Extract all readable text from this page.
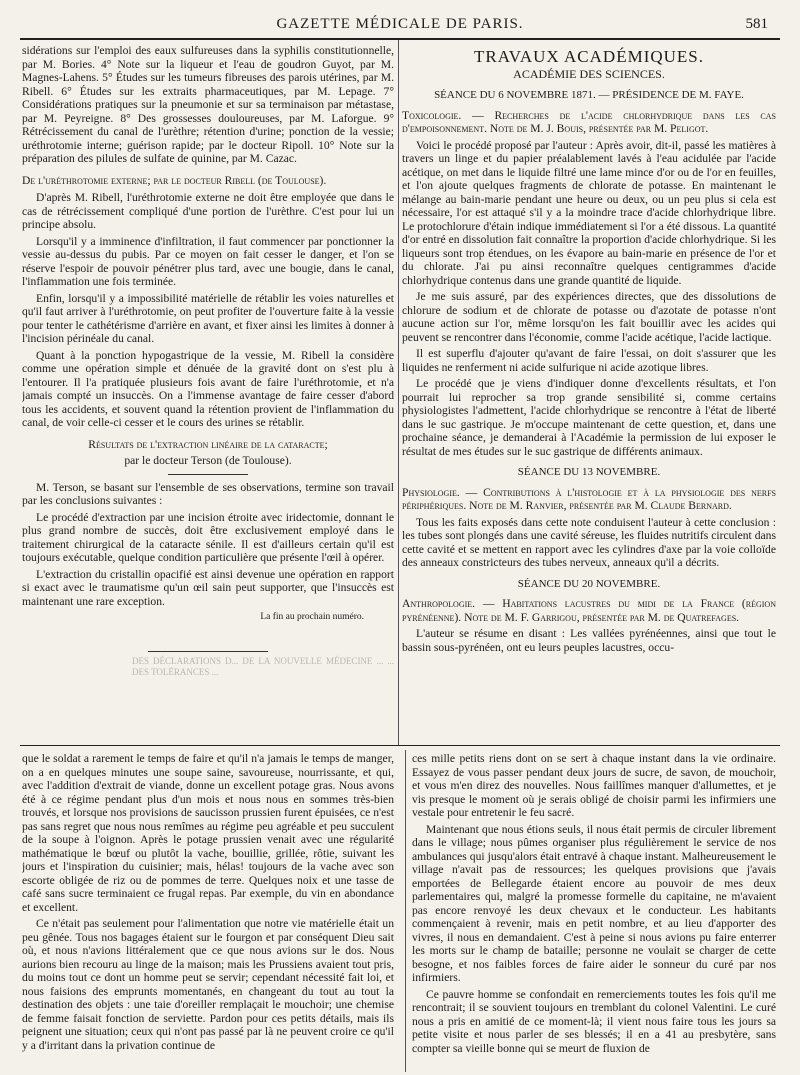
GAZETTE MÉDICALE DE PARIS.	581

sidérations sur l'emploi des eaux sulfureuses dans la syphilis constitutionnelle, par M. Bories. 4° Note sur la liqueur et l'eau de goudron Guyot, par M. Magnes-Lahens. 5° Études sur les tumeurs fibreuses des parois utérines, par M. Ribell. 6° Études sur les extraits pharmaceutiques, par M. Lepage. 7° Considérations pratiques sur la pneumonie et sur sa terminaison par métastase, par M. Peyreigne. 8° Des grossesses douloureuses, par M. Laforgue. 9° Rétrécissement du canal de l'urèthre; rétention d'urine; ponction de la vessie; uréthrotomie interne; guérison rapide; par le docteur Ripoll. 10° Note sur la préparation des pilules de sulfate de quinine, par M. Cazac.

De l'uréthrotomie externe; par le docteur Ribell (de Toulouse).

D'après M. Ribell, l'uréthrotomie externe ne doit être employée que dans le cas de rétrécissement compliqué d'une portion de l'urèthre. C'est pour lui un principe absolu.

Lorsqu'il y a imminence d'infiltration, il faut commencer par ponctionner la vessie au-dessus du pubis. Par ce moyen on fait cesser le danger, et l'on se réserve l'espoir de pouvoir pénétrer plus tard, avec une bougie, dans le canal, l'inflammation une fois terminée.

Enfin, lorsqu'il y a impossibilité matérielle de rétablir les voies naturelles et qu'il faut arriver à l'uréthrotomie, on peut profiter de l'ouverture faite à la vessie pour tenter le cathétérisme d'arrière en avant, et fixer ainsi les limites à donner à l'incision périnéale du canal.

Quant à la ponction hypogastrique de la vessie, M. Ribell la considère comme une opération simple et dénuée de la gravité dont on s'est plu à l'entourer. Il l'a pratiquée plusieurs fois avant de faire l'uréthrotomie, et n'a jamais compté un insuccès. On a l'immense avantage de faire cesser d'abord tous les accidents, et souvent quand la rétention provient de l'inflammation du canal, de voir celle-ci cesser et le cours des urines se rétablir.

Résultats de l'extraction linéaire de la cataracte;

par le docteur Terson (de Toulouse).

M. Terson, se basant sur l'ensemble de ses observations, termine son travail par les conclusions suivantes :

Le procédé d'extraction par une incision étroite avec iridectomie, donnant le plus grand nombre de succès, doit être exclusivement employé dans le traitement chirurgical de la cataracte sénile. Il est d'ailleurs certain qu'il est toujours exécutable, quelque condition particulière que présente l'œil à opérer.

L'extraction du cristallin opacifié est ainsi devenue une opération en rapport si exact avec le traumatisme qu'un œil sain peut supporter, que l'insuccès est maintenant une rare exception.

La fin au prochain numéro.

DES DÉCLARATIONS D... DE LA NOUVELLE MÉDECINE ... ... DES TOLÉRANCES ...

TRAVAUX ACADÉMIQUES.
ACADÉMIE DES SCIENCES.
SÉANCE DU 6 NOVEMBRE 1871. — PRÉSIDENCE DE M. FAYE.

Toxicologie. — Recherches de l'acide chlorhydrique dans les cas d'empoisonnement. Note de M. J. Bouis, présentée par M. Peligot.

Voici le procédé proposé par l'auteur : Après avoir, dit-il, passé les matières à travers un linge et du papier préalablement lavés à l'eau acidulée par l'acide acétique, on met dans le liquide filtré une lame mince d'or ou de l'or en feuilles, et l'on ajoute quelques fragments de chlorate de potasse. En maintenant le mélange au bain-marie pendant une heure ou deux, ou un peu plus si cela est nécessaire, l'or est attaqué s'il y a la moindre trace d'acide chlorhydrique libre. Le protochlorure d'étain indique immédiatement si l'or a été dissous. La quantité d'or entré en dissolution fait connaître la proportion d'acide chlorhydrique. Si les liqueurs sont trop étendues, on les évapore au bain-marie en présence de l'or et du chlorate. J'ai pu ainsi reconnaître quelques centigrammes d'acide chlorhydrique contenus dans une grande quantité de liquide.

Je me suis assuré, par des expériences directes, que des dissolutions de chlorure de sodium et de chlorate de potasse ou d'azotate de potasse n'ont aucune action sur l'or, même lorsqu'on les fait bouillir avec les acides qui peuvent se rencontrer dans l'économie, comme l'acide acétique, l'acide lactique.

Il est superflu d'ajouter qu'avant de faire l'essai, on doit s'assurer que les liquides ne renferment ni acide sulfurique ni acide azotique libres.

Le procédé que je viens d'indiquer donne d'excellents résultats, et l'on pourrait lui reprocher sa trop grande sensibilité si, comme certains physiologistes l'admettent, l'acide chlorhydrique se rencontre à l'état de liberté dans le suc gastrique. Je m'occupe maintenant de cette question, et, dans une prochaine séance, je demanderai à l'Académie la permission de lui exposer le résultat de mes études sur le suc gastrique de différents animaux.

SÉANCE DU 13 NOVEMBRE.

Physiologie. — Contributions à l'histologie et à la physiologie des nerfs périphériques. Note de M. Ranvier, présentée par M. Claude Bernard.

Tous les faits exposés dans cette note conduisent l'auteur à cette conclusion : les tubes sont plongés dans une cavité séreuse, les fluides nutritifs circulent dans cette cavité et se mettent en rapport avec les cylindres d'axe par la voie colloïde des anneaux constricteurs des tubes nerveux, anneaux qu'il a décrits.

SÉANCE DU 20 NOVEMBRE.

Anthropologie. — Habitations lacustres du midi de la France (région pyrénéenne). Note de M. F. Garrigou, présentée par M. de Quatrefages.

L'auteur se résume en disant : Les vallées pyrénéennes, ainsi que tout le bassin sous-pyrénéen, ont eu leurs peuples lacustres, occu-

que le soldat a rarement le temps de faire et qu'il n'a jamais le temps de manger, on a en quelques minutes une soupe saine, savoureuse, nourrissante, et qui, avec l'addition d'extrait de viande, donne un excellent potage gras. Nous avons été à ce régime pendant plus d'un mois et nous nous en sommes très-bien trouvés, et lorsque nos provisions de saucisson prussien furent épuisées, ce n'est pas sans regret que nous nous remîmes au régime peu agréable et peu succulent de la soupe à l'oignon. Après le potage prussien venait avec une régularité mathématique le bœuf ou plutôt la vache, bouillie, grillée, rôtie, suivant les jours et l'inspiration du cuisinier; mais, hélas! toujours de la vache avec son escorte obligée de riz ou de pommes de terre. Quelques noix et une tasse de café sans sucre terminaient ce frugal repas. Par exemple, du vin en abondance et excellent.

Ce n'était pas seulement pour l'alimentation que notre vie matérielle était un peu gênée. Tous nos bagages étaient sur le fourgon et par conséquent Dieu sait où, et nous n'avions littéralement que ce que nous avions sur le dos. Nous aurions bien recouru au linge de la maison; mais les Prussiens avaient tout pris, du moins tout ce dont un homme peut se servir; cependant nécessité fait loi, et nous faisions des emprunts momentanés, en changeant du tout au tout la destination des objets : une taie d'oreiller remplaçait le mouchoir; une chemise de femme faisait fonction de serviette. Pardon pour ces petits détails, mais ils peignent une situation; ceux qui n'ont pas passé par là ne peuvent croire ce qu'il y a d'irritant dans la privation continue de

ces mille petits riens dont on se sert à chaque instant dans la vie ordinaire. Essayez de vous passer pendant deux jours de sucre, de savon, de mouchoir, et vous m'en direz des nouvelles. Nous faillîmes manquer d'allumettes, et je vis presque le moment où je serais obligé de choisir parmi les infirmiers une vestale pour entretenir le feu sacré.

Maintenant que nous étions seuls, il nous était permis de circuler librement dans le village; nous pûmes organiser plus régulièrement le service de nos ambulances qui jusqu'alors était entravé à chaque instant. Malheureusement le village n'avait pas de ressources; les quelques provisions que j'avais emportées de Bellegarde étaient encore au pouvoir de mes deux parlementaires qui, malgré la promesse formelle du capitaine, ne m'avaient pas encore renvoyé les deux chevaux et le conducteur. Les habitants commençaient à revenir, mais en petit nombre, et au lieu d'apporter des vivres, il nous en demandaient. C'est à peine si nous avions pu faire enterrer les morts sur le champ de bataille; personne ne voulait se charger de cette besogne, et nos faibles forces de faire aider le sonneur du curé par nos infirmiers.

Ce pauvre homme se confondait en remerciements toutes les fois qu'il me rencontrait; il se souvient toujours en tremblant du colonel Valentini. Le curé nous a pris en amitié de ce moment-là; il vient nous faire tous les jours sa petite visite et nous parler de ses blessés; il en a 41 au presbytère, sans compter sa vieille bonne qui se meurt de fluxion de
